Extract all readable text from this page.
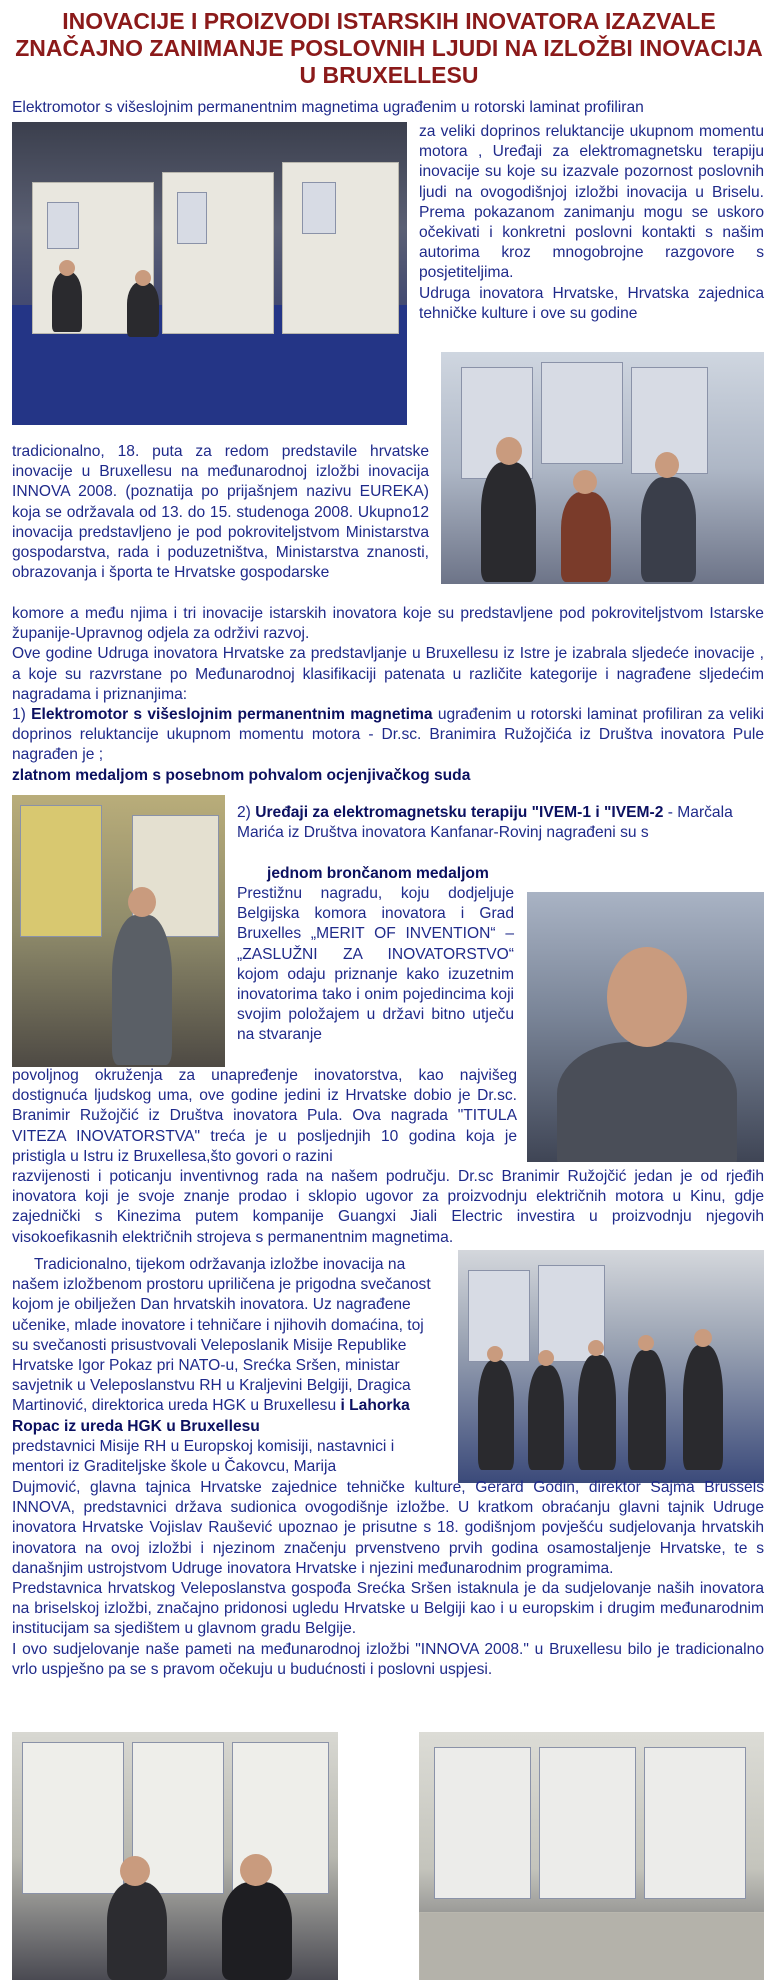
INOVACIJE I PROIZVODI ISTARSKIH INOVATORA IZAZVALE ZNAČAJNO ZANIMANJE POSLOVNIH LJUDI NA IZLOŽBI INOVACIJA U BRUXELLESU

Elektromotor s višeslojnim permanentnim magnetima ugrađenim u rotorski laminat profiliran

za veliki doprinos reluktancije ukupnom momentu motora , Uređaji za elektromagnetsku terapiju inovacije su koje su izazvale pozornost poslovnih ljudi na ovogodišnjoj izložbi inovacija u Briselu. Prema pokazanom zanimanju mogu se uskoro očekivati i konkretni poslovni kontakti s našim autorima kroz mnogobrojne razgovore s posjetiteljima.

Udruga inovatora Hrvatske, Hrvatska zajednica tehničke kulture i ove su godine

tradicionalno, 18. puta za redom predstavile hrvatske inovacije u Bruxellesu na međunarodnoj izložbi inovacija INNOVA 2008. (poznatija po prijašnjem nazivu EUREKA) koja se održavala od 13. do 15. studenoga 2008. Ukupno12 inovacija predstavljeno je pod pokroviteljstvom Ministarstva gospodarstva, rada i poduzetništva, Ministarstva znanosti, obrazovanja i športa te Hrvatske gospodarske

komore a među njima i tri inovacije istarskih inovatora koje su predstavljene pod pokroviteljstvom Istarske županije-Upravnog odjela za održivi razvoj.

Ove godine Udruga inovatora Hrvatske za predstavljanje u Bruxellesu iz Istre je izabrala sljedeće inovacije , a koje su razvrstane po Međunarodnoj klasifikaciji patenata u različite kategorije i nagrađene sljedećim nagradama i priznanjima:

1) Elektromotor s višeslojnim permanentnim magnetima ugrađenim u rotorski laminat profiliran za veliki doprinos reluktancije ukupnom momentu motora - Dr.sc. Branimira Ružojčića iz Društva inovatora Pule nagrađen je ;

zlatnom medaljom s posebnom pohvalom ocjenjivačkog suda

2) Uređaji za elektromagnetsku terapiju "IVEM-1 i "IVEM-2 - Marčala Marića iz Društva inovatora Kanfanar-Rovinj nagrađeni su s

jednom brončanom medaljom

Prestižnu nagradu, koju dodjeljuje Belgijska komora inovatora i Grad Bruxelles „MERIT OF INVENTION“ – „ZASLUŽNI ZA INOVATORSTVO“ kojom odaju priznanje kako izuzetnim inovatorima tako i onim pojedincima koji svojim položajem u državi bitno utječu na stvaranje

povoljnog okruženja za unapređenje inovatorstva, kao najvišeg dostignuća ljudskog uma, ove godine jedini iz Hrvatske dobio je Dr.sc. Branimir Ružojčić iz Društva inovatora Pula. Ova nagrada "TITULA VITEZA INOVATORSTVA" treća je u posljednjih 10 godina koja je pristigla u Istru iz Bruxellesa,što govori o razini

razvijenosti i poticanju inventivnog rada na našem području. Dr.sc Branimir Ružojčić jedan je od rjeđih inovatora koji je svoje znanje prodao i sklopio ugovor za proizvodnju električnih motora u Kinu, gdje zajednički s Kinezima putem kompanije Guangxi Jiali Electric investira u proizvodnju njegovih visokoefikasnih električnih strojeva s permanentnim magnetima.

Tradicionalno, tijekom održavanja izložbe inovacija na našem izložbenom prostoru upriličena je prigodna svečanost kojom je obilježen Dan hrvatskih inovatora. Uz nagrađene učenike, mlade inovatore i tehničare i njihovih domaćina, toj su svečanosti prisustvovali Veleposlanik Misije Republike Hrvatske Igor Pokaz pri NATO-u, Srećka Sršen, ministar savjetnik u Veleposlanstvu RH u Kraljevini Belgiji, Dragica Martinović, direktorica ureda HGK u Bruxellesu i Lahorka Ropac iz ureda HGK u Bruxellesu

predstavnici Misije RH u Europskoj komisiji, nastavnici i mentori iz Graditeljske škole u Čakovcu, Marija

Dujmović, glavna tajnica Hrvatske zajednice tehničke kulture, Gerard Godin, direktor Sajma Brussels INNOVA, predstavnici država sudionica ovogodišnje izložbe. U kratkom obraćanju glavni tajnik Udruge inovatora Hrvatske Vojislav Raušević upoznao je prisutne s 18. godišnjom povješću sudjelovanja hrvatskih inovatora na ovoj izložbi i njezinom značenju prvenstveno prvih godina osamostaljenje Hrvatske, te s današnjim ustrojstvom Udruge inovatora Hrvatske i njezini međunarodnim programima.

Predstavnica hrvatskog Veleposlanstva gospođa Srećka Sršen istaknula je da sudjelovanje naših inovatora na briselskoj izložbi, značajno pridonosi ugledu Hrvatske u Belgiji kao i u europskim i drugim međunarodnim institucijam sa sjedištem u glavnom gradu Belgije.

I ovo sudjelovanje naše pameti na međunarodnoj izložbi "INNOVA 2008." u Bruxellesu bilo je tradicionalno vrlo uspješno pa se s pravom očekuju u budućnosti i poslovni uspjesi.
